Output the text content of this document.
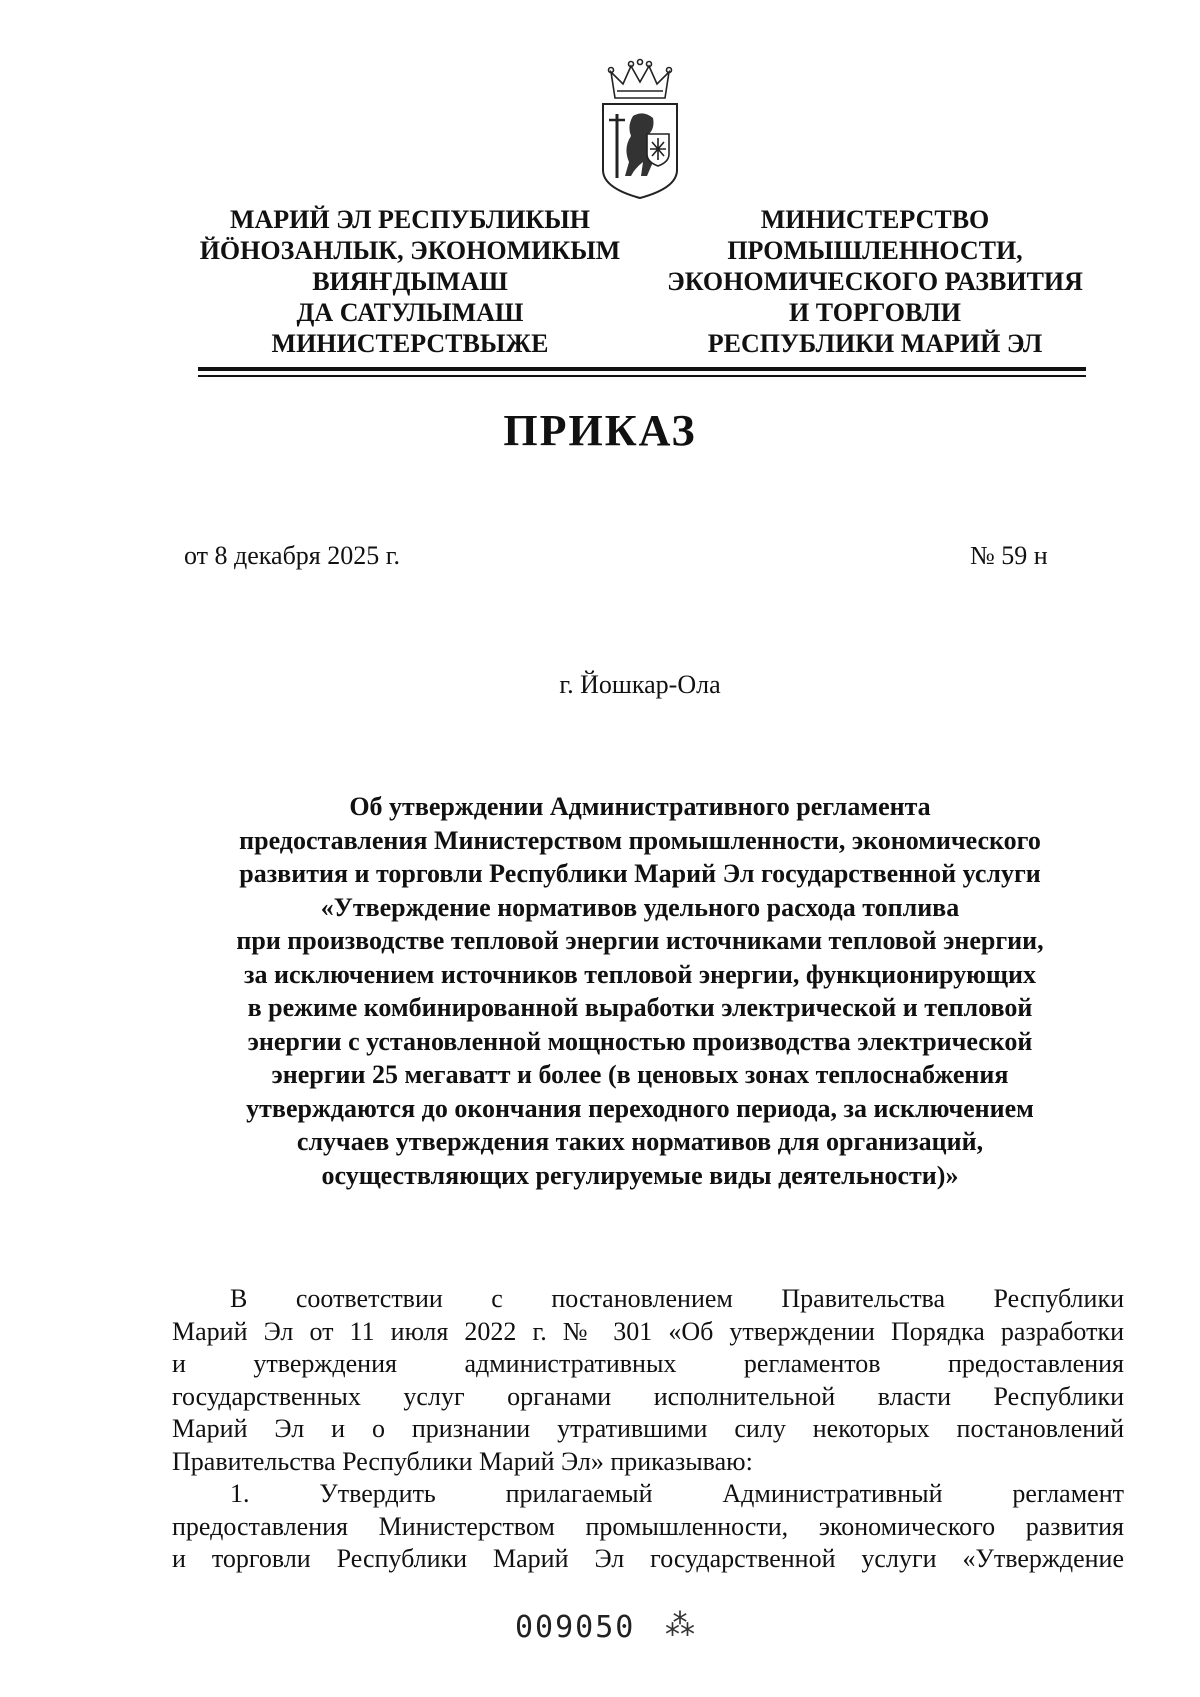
МАРИЙ ЭЛ РЕСПУБЛИКЫН
ЙӦНОЗАНЛЫК, ЭКОНОМИКЫМ
ВИЯҤДЫМАШ
ДА САТУЛЫМАШ
МИНИСТЕРСТВЫЖЕ
МИНИСТЕРСТВО
ПРОМЫШЛЕННОСТИ,
ЭКОНОМИЧЕСКОГО РАЗВИТИЯ
И ТОРГОВЛИ
РЕСПУБЛИКИ МАРИЙ ЭЛ
ПРИКАЗ
от 8 декабря 2025 г.	№ 59 н
г. Йошкар-Ола
Об утверждении Административного регламента
предоставления Министерством промышленности, экономического
развития и торговли Республики Марий Эл государственной услуги
«Утверждение нормативов удельного расхода топлива
при производстве тепловой энергии источниками тепловой энергии,
за исключением источников тепловой энергии, функционирующих
в режиме комбинированной выработки электрической и тепловой
энергии с установленной мощностью производства электрической
энергии 25 мегаватт и более (в ценовых зонах теплоснабжения
утверждаются до окончания переходного периода, за исключением
случаев утверждения таких нормативов для организаций,
осуществляющих регулируемые виды деятельности)»
В соответствии с постановлением Правительства Республики
Марий Эл от 11 июля 2022 г. № 301 «Об утверждении Порядка разработки
и утверждения административных регламентов предоставления
государственных услуг органами исполнительной власти Республики
Марий Эл и о признании утратившими силу некоторых постановлений
Правительства Республики Марий Эл» приказываю:
1. Утвердить прилагаемый Административный регламент
предоставления Министерством промышленности, экономического развития
и торговли Республики Марий Эл государственной услуги «Утверждение
009050 ⁂
